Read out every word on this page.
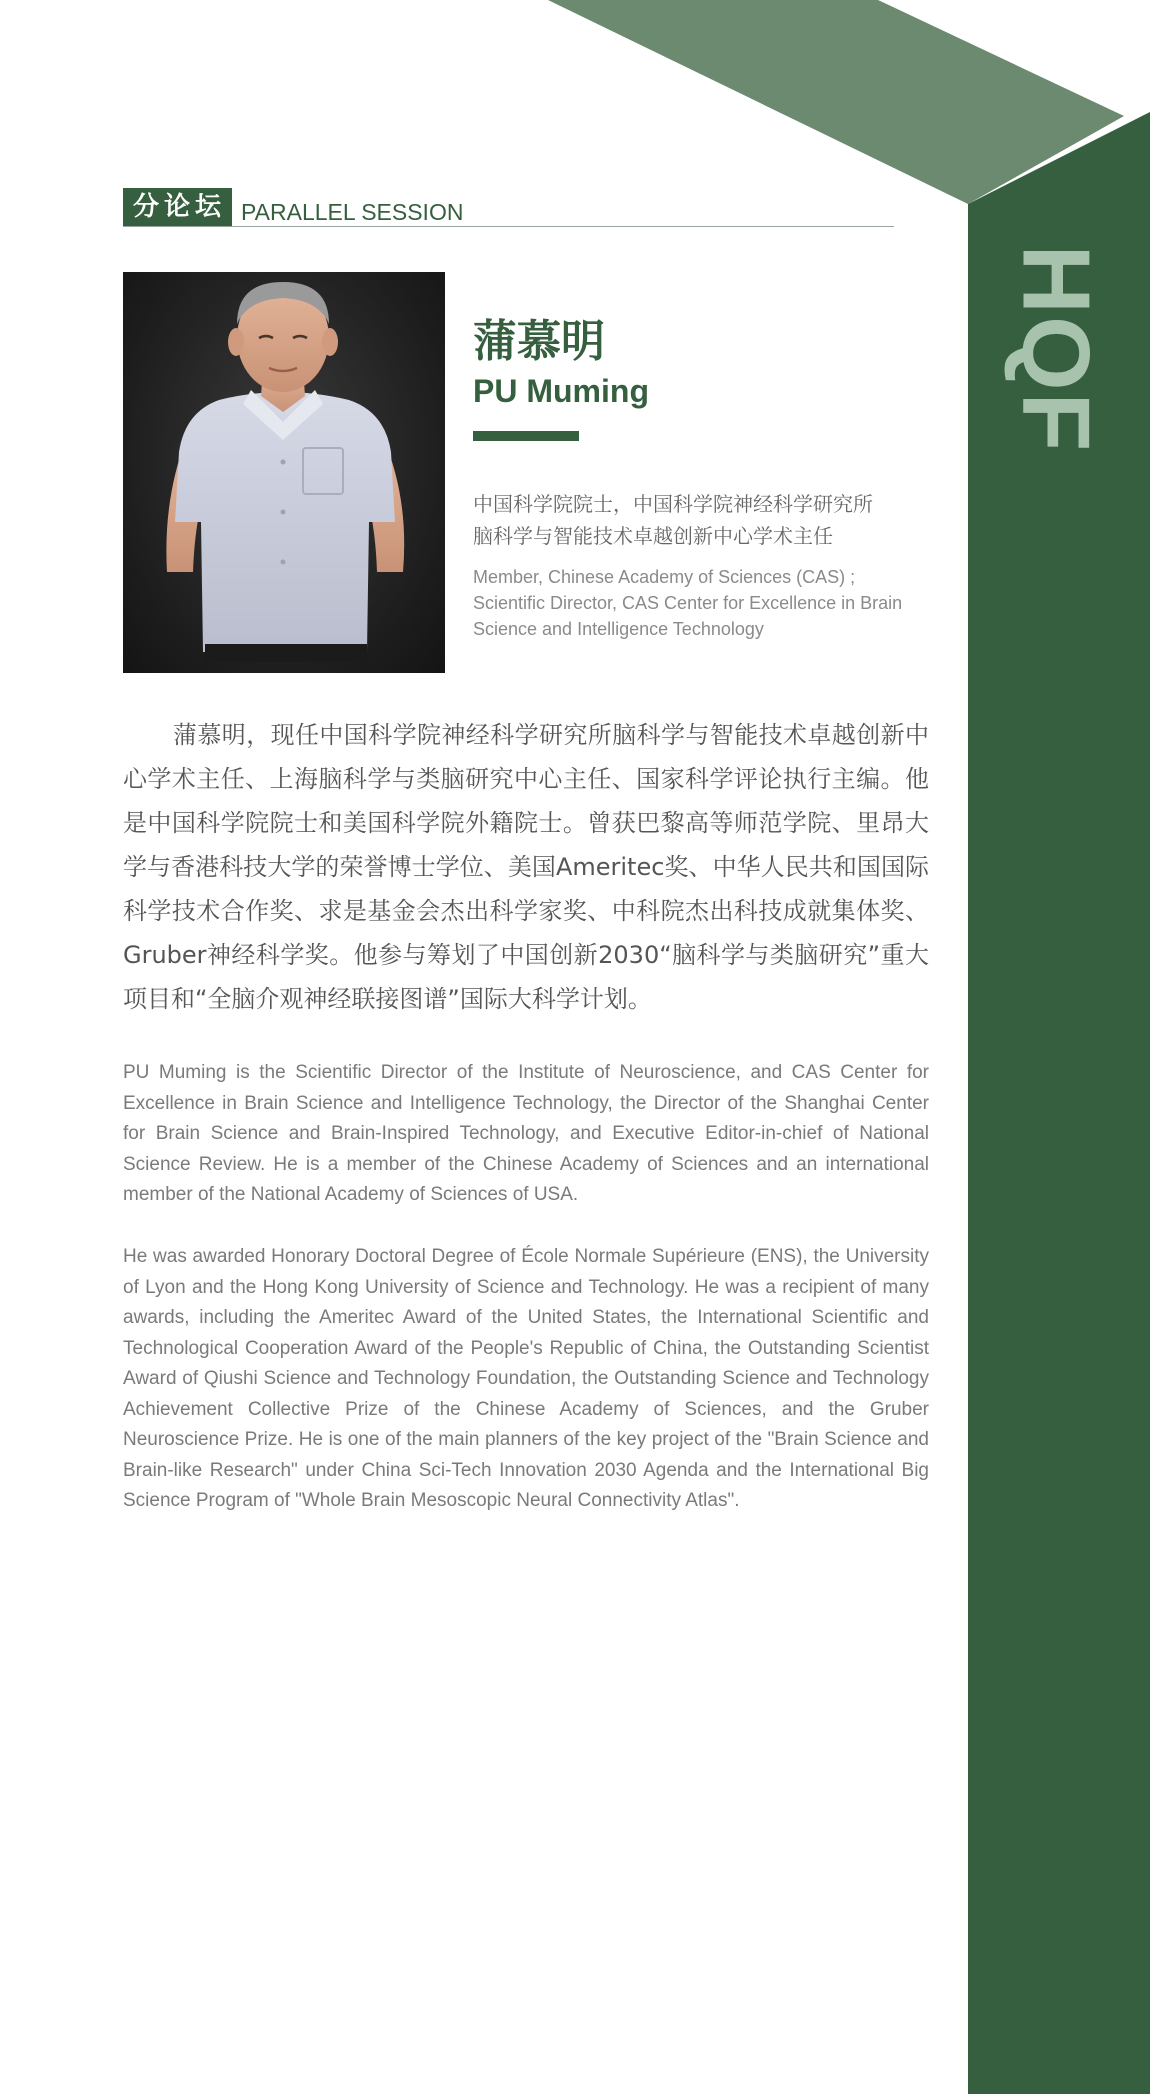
HQF
分论坛 PARALLEL SESSION
蒲慕明
PU Muming
中国科学院院士，中国科学院神经科学研究所
脑科学与智能技术卓越创新中心学术主任
Member, Chinese Academy of Sciences (CAS) ;
Scientific Director, CAS Center for Excellence in Brain
Science and Intelligence Technology

蒲慕明，现任中国科学院神经科学研究所脑科学与智能技术卓越创新中心学术主任、上海脑科学与类脑研究中心主任、国家科学评论执行主编。他是中国科学院院士和美国科学院外籍院士。曾获巴黎高等师范学院、里昂大学与香港科技大学的荣誉博士学位、美国Ameritec奖、中华人民共和国国际科学技术合作奖、求是基金会杰出科学家奖、中科院杰出科技成就集体奖、Gruber神经科学奖。他参与筹划了中国创新2030“脑科学与类脑研究”重大项目和“全脑介观神经联接图谱”国际大科学计划。

PU Muming is the Scientific Director of the Institute of Neuroscience, and CAS Center for Excellence in Brain Science and Intelligence Technology, the Director of the Shanghai Center for Brain Science and Brain-Inspired Technology, and Executive Editor-in-chief of National Science Review. He is a member of the Chinese Academy of Sciences and an international member of the National Academy of Sciences of USA.

He was awarded Honorary Doctoral Degree of École Normale Supérieure (ENS), the University of Lyon and the Hong Kong University of Science and Technology. He was a recipient of many awards, including the Ameritec Award of the United States, the International Scientific and Technological Cooperation Award of the People's Republic of China, the Outstanding Scientist Award of Qiushi Science and Technology Foundation, the Outstanding Science and Technology Achievement Collective Prize of the Chinese Academy of Sciences, and the Gruber Neuroscience Prize. He is one of the main planners of the key project of the "Brain Science and Brain-like Research" under China Sci-Tech Innovation 2030 Agenda and the International Big Science Program of "Whole Brain Mesoscopic Neural Connectivity Atlas".
